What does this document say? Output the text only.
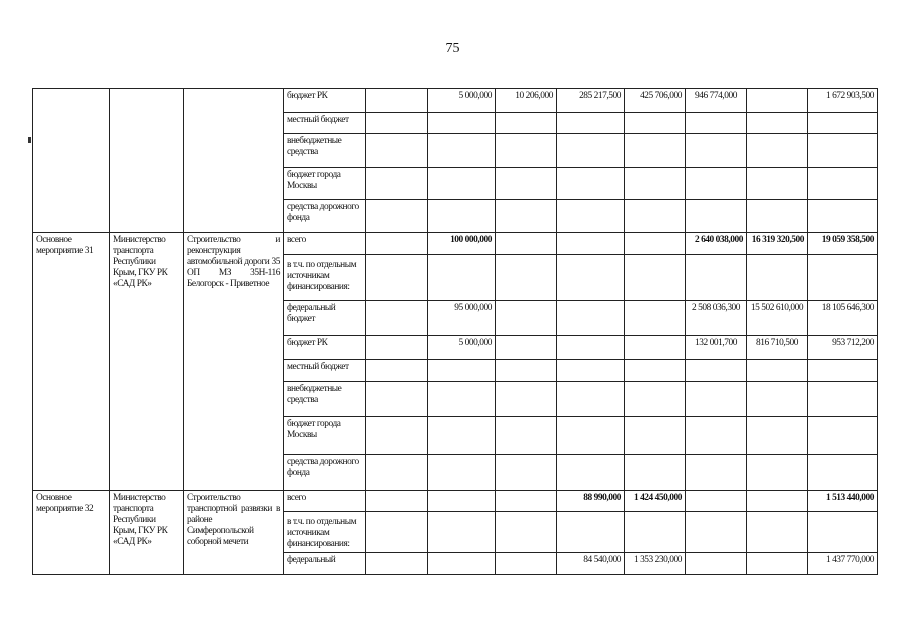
75
			бюджет РК		5 000,000	10 206,000	285 217,500	425 706,000	946 774,000		1 672 903,500
			местный бюджет								
			внебюджетные средства								
			бюджет города Москвы								
			средства дорожного фонда								
Основное мероприятие 31	Министерство транспорта Республики Крым, ГКУ РК «САД РК»	Строительство и реконструкция автомобильной дороги 35 ОП МЗ 35Н-116 Белогорск - Приветное	всего		100 000,000				2 640 038,000	16 319 320,500	19 059 358,500
			в т.ч. по отдельным источникам финансирования:								
			федеральный бюджет		95 000,000				2 508 036,300	15 502 610,000	18 105 646,300
			бюджет РК		5 000,000				132 001,700	816 710,500	953 712,200
			местный бюджет								
			внебюджетные средства								
			бюджет города Москвы								
			средства дорожного фонда								
Основное мероприятие 32	Министерство транспорта Республики Крым, ГКУ РК «САД РК»	Строительство транспортной развязки в районе Симферопольской соборной мечети	всего				88 990,000	1 424 450,000			1 513 440,000
			в т.ч. по отдельным источникам финансирования:								
			федеральный				84 540,000	1 353 230,000			1 437 770,000
